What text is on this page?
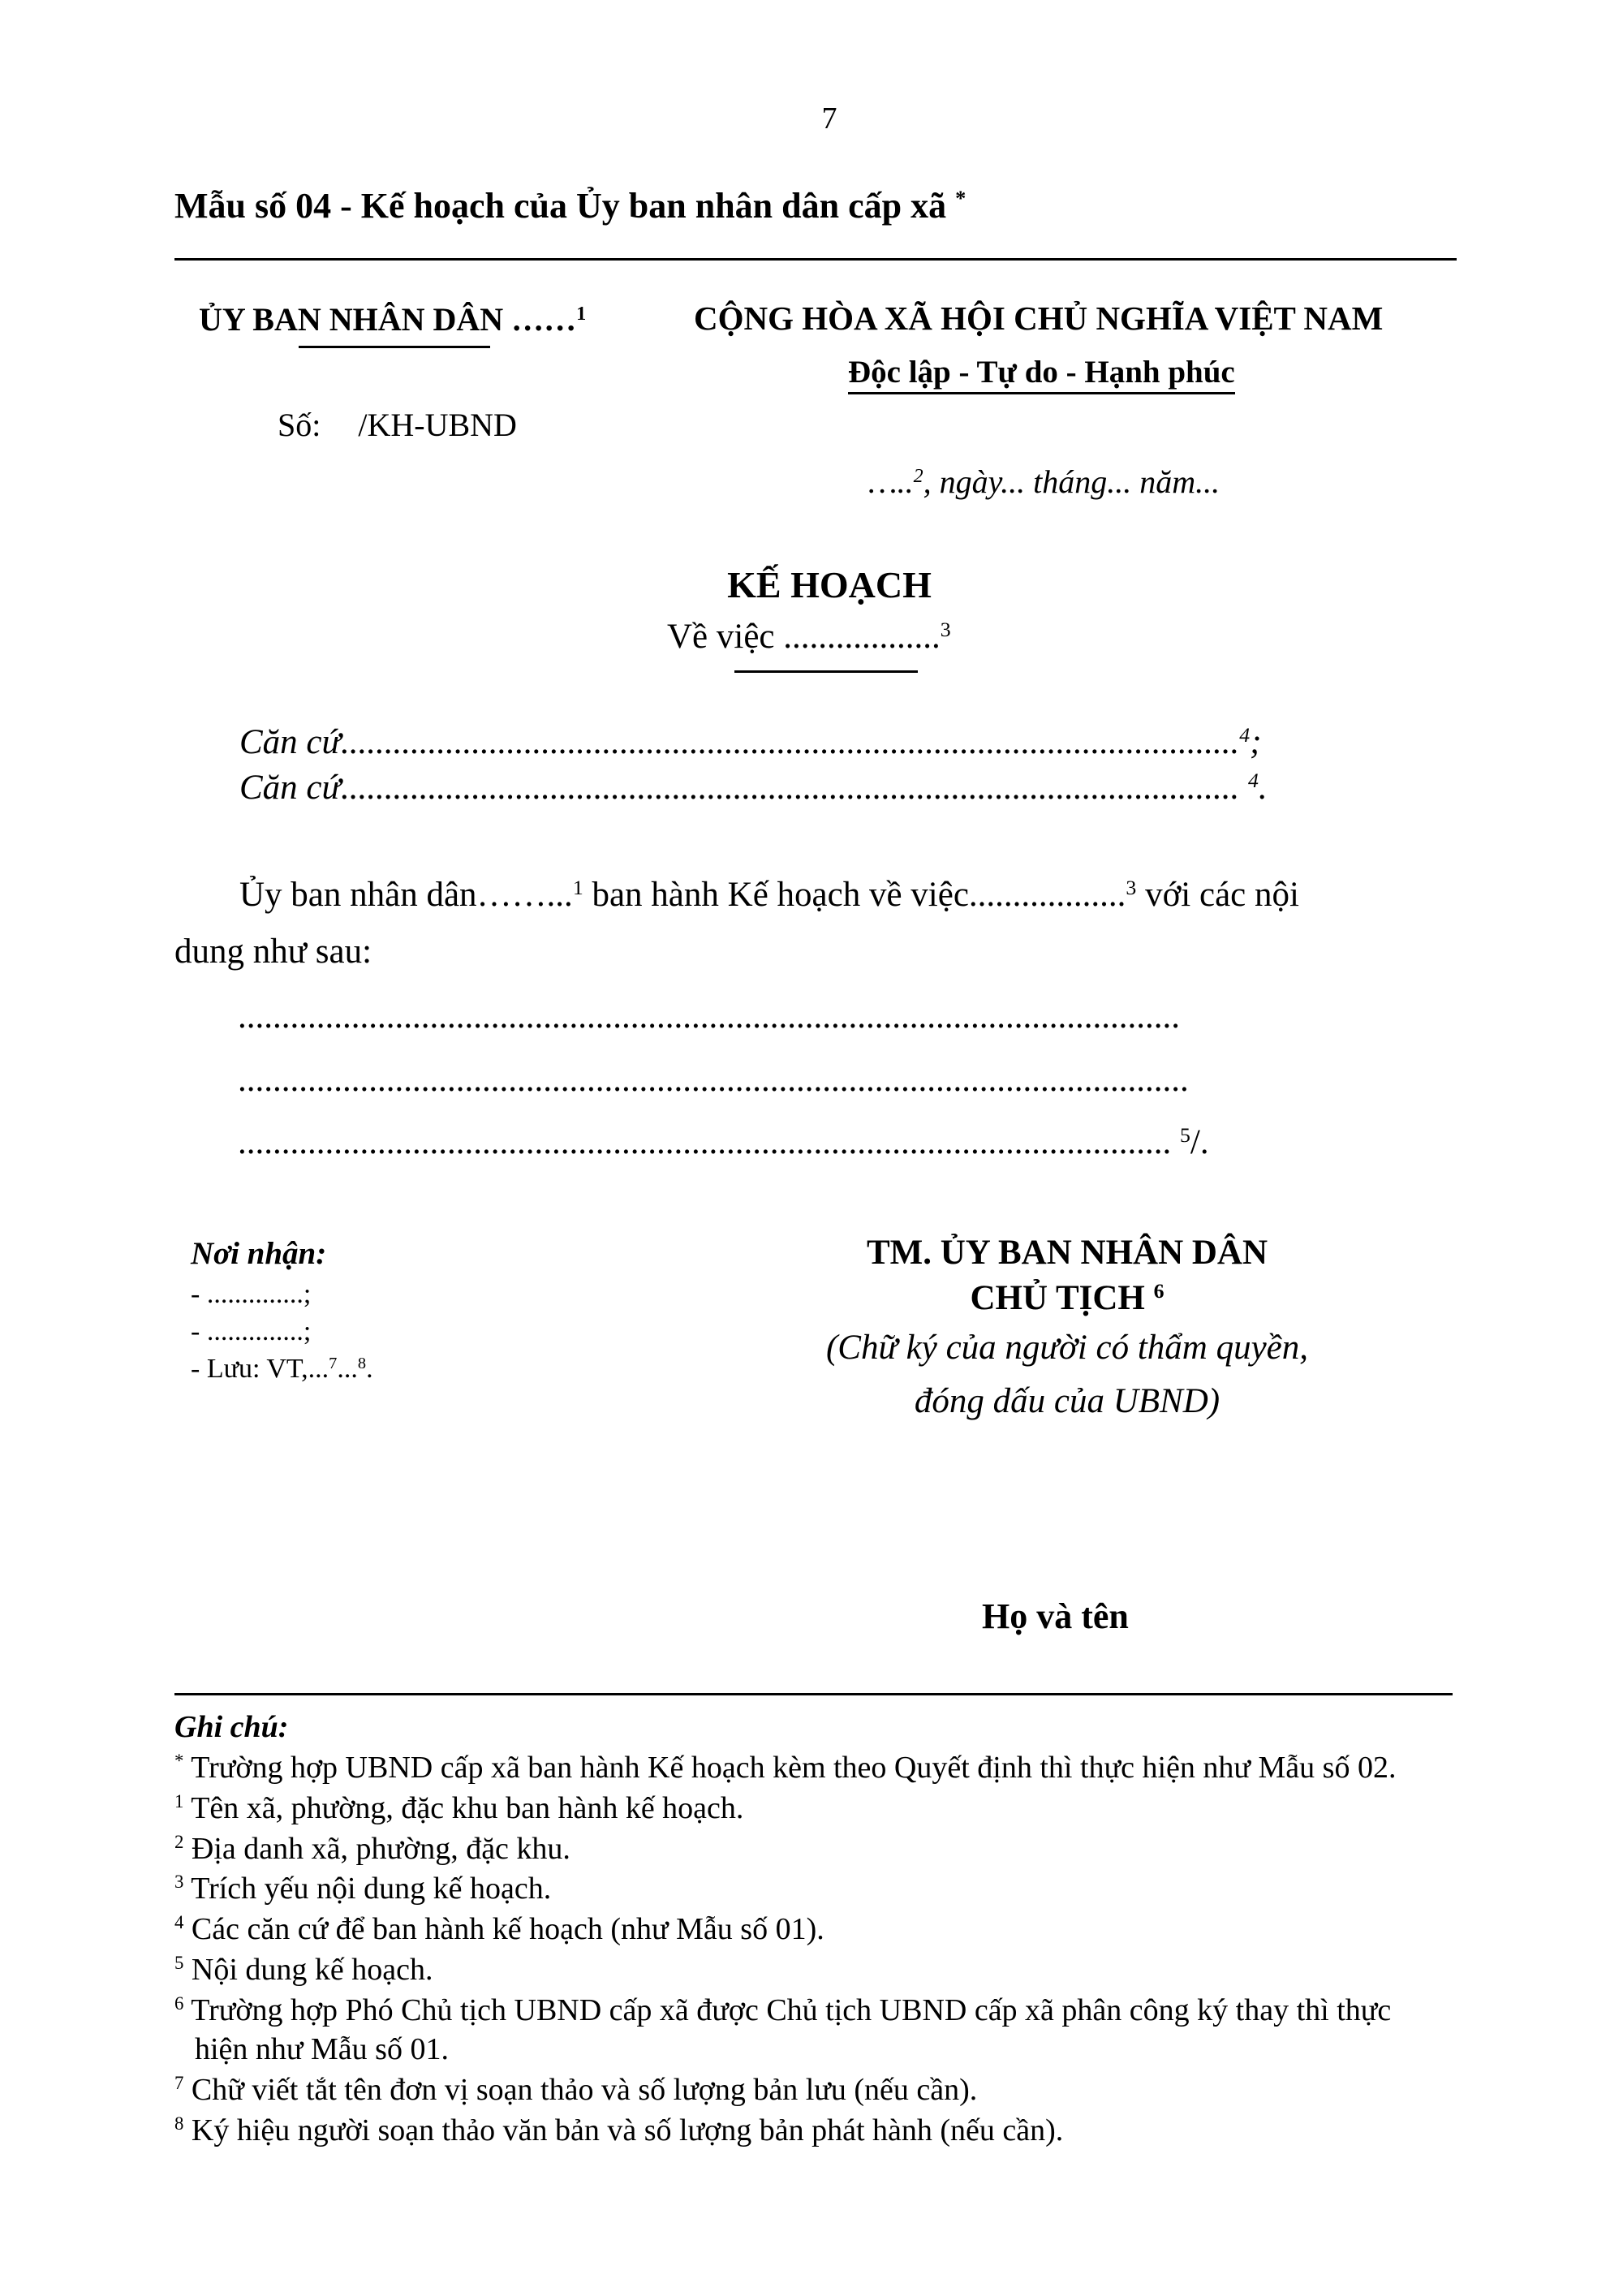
7
Mẫu số 04 - Kế hoạch của Ủy ban nhân dân cấp xã *
ỦY BAN NHÂN DÂN ……$^1$
Số: /KH-UBND
CỘNG HÒA XÃ HỘI CHỦ NGHĨA VIỆT NAM
Độc lập - Tự do - Hạnh phúc
…..$^2$, ngày... tháng... năm...
KẾ HOẠCH
Về việc ..................$^3$
Căn cứ.......................................................................................................$^4$;
Căn cứ....................................................................................................... $^4$.
Ủy ban nhân dân……...$^1$ ban hành Kế hoạch về việc..................$^3$ với các nội
dung như sau:
............................................................................................................
.............................................................................................................
........................................................................................................... $^5$/.
Nơi nhận:
- ..............;
- ..............;
- Lưu: VT,...$^7$...$^8$.
TM. ỦY BAN NHÂN DÂN
CHỦ TỊCH $^6$
(Chữ ký của người có thẩm quyền,
đóng dấu của UBND)
Họ và tên
Ghi chú:
* Trường hợp UBND cấp xã ban hành Kế hoạch kèm theo Quyết định thì thực hiện như Mẫu số 02.
$^1$ Tên xã, phường, đặc khu ban hành kế hoạch.
$^2$ Địa danh xã, phường, đặc khu.
$^3$ Trích yếu nội dung kế hoạch.
$^4$ Các căn cứ để ban hành kế hoạch (như Mẫu số 01).
$^5$ Nội dung kế hoạch.
$^6$ Trường hợp Phó Chủ tịch UBND cấp xã được Chủ tịch UBND cấp xã phân công ký thay thì thực
hiện như Mẫu số 01.
$^7$ Chữ viết tắt tên đơn vị soạn thảo và số lượng bản lưu (nếu cần).
$^8$ Ký hiệu người soạn thảo văn bản và số lượng bản phát hành (nếu cần).
